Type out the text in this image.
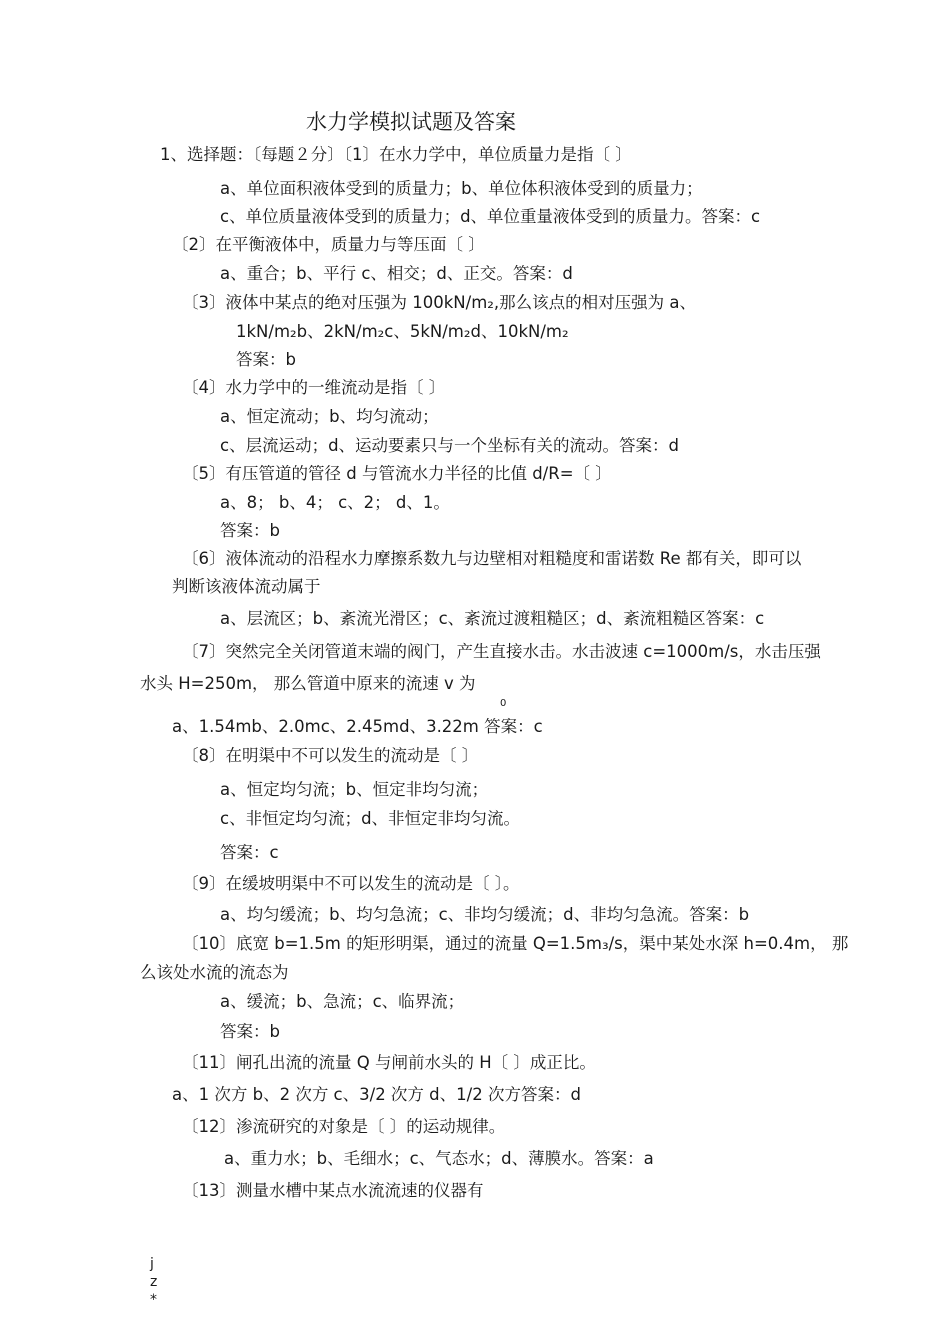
水力学模拟试题及答案
1、选择题：〔每题２分〕〔1〕在水力学中，单位质量力是指〔 〕
a、单位面积液体受到的质量力；b、单位体积液体受到的质量力；
c、单位质量液体受到的质量力；d、单位重量液体受到的质量力。答案：c
〔2〕在平衡液体中，质量力与等压面〔 〕
a、重合；b、平行 c、相交；d、正交。答案：d
〔3〕液体中某点的绝对压强为 100kN/m₂,那么该点的相对压强为 a、
1kN/m₂b、2kN/m₂c、5kN/m₂d、10kN/m₂
答案：b
〔4〕水力学中的一维流动是指〔 〕
a、恒定流动；b、均匀流动；
c、层流运动；d、运动要素只与一个坐标有关的流动。答案：d
〔5〕有压管道的管径 d 与管流水力半径的比值 d/R=〔 〕
a、8； b、4； c、2； d、1。
答案：b
〔6〕液体流动的沿程水力摩擦系数九与边壁相对粗糙度和雷诺数 Re 都有关，即可以
判断该液体流动属于
a、层流区；b、紊流光滑区；c、紊流过渡粗糙区；d、紊流粗糙区答案：c
〔7〕突然完全关闭管道末端的阀门，产生直接水击。水击波速 c=1000m/s，水击压强
水头 H=250m， 那么管道中原来的流速 v 为
0
a、1.54mb、2.0mc、2.45md、3.22m 答案：c
〔8〕在明渠中不可以发生的流动是〔 〕
a、恒定均匀流；b、恒定非均匀流；
c、非恒定均匀流；d、非恒定非均匀流。
答案：c
〔9〕在缓坡明渠中不可以发生的流动是〔 〕。
a、均匀缓流；b、均匀急流；c、非均匀缓流；d、非均匀急流。答案：b
〔10〕底宽 b=1.5m 的矩形明渠，通过的流量 Q=1.5m₃/s，渠中某处水深 h=0.4m， 那
么该处水流的流态为
a、缓流；b、急流；c、临界流；
答案：b
〔11〕闸孔出流的流量 Q 与闸前水头的 H〔 〕成正比。
a、1 次方 b、2 次方 c、3/2 次方 d、1/2 次方答案：d
〔12〕渗流研究的对象是〔 〕的运动规律。
a、重力水；b、毛细水；c、气态水；d、薄膜水。答案：a
〔13〕测量水槽中某点水流流速的仪器有
j
z
*
